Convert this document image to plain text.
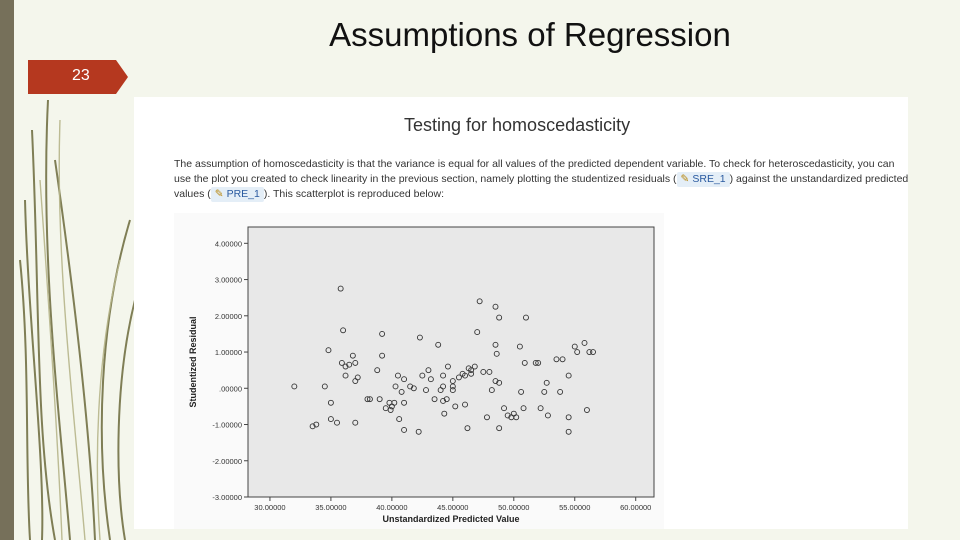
Assumptions of Regression
23
Testing for homoscedasticity
The assumption of homoscedasticity is that the variance is equal for all values of the predicted dependent variable. To check for heteroscedasticity, you can use the plot you created to check linearity in the previous section, namely plotting the studentized residuals ( ✎ SRE_1 ) against the unstandardized predicted values ( ✎ PRE_1 ). This scatterplot is reproduced below:
4.00000
3.00000
2.00000
1.00000
.00000
-1.00000
-2.00000
-3.00000
30.00000	35.00000	40.00000	45.00000	50.00000	55.00000	60.00000
Unstandardized Predicted Value
Studentized Residual
